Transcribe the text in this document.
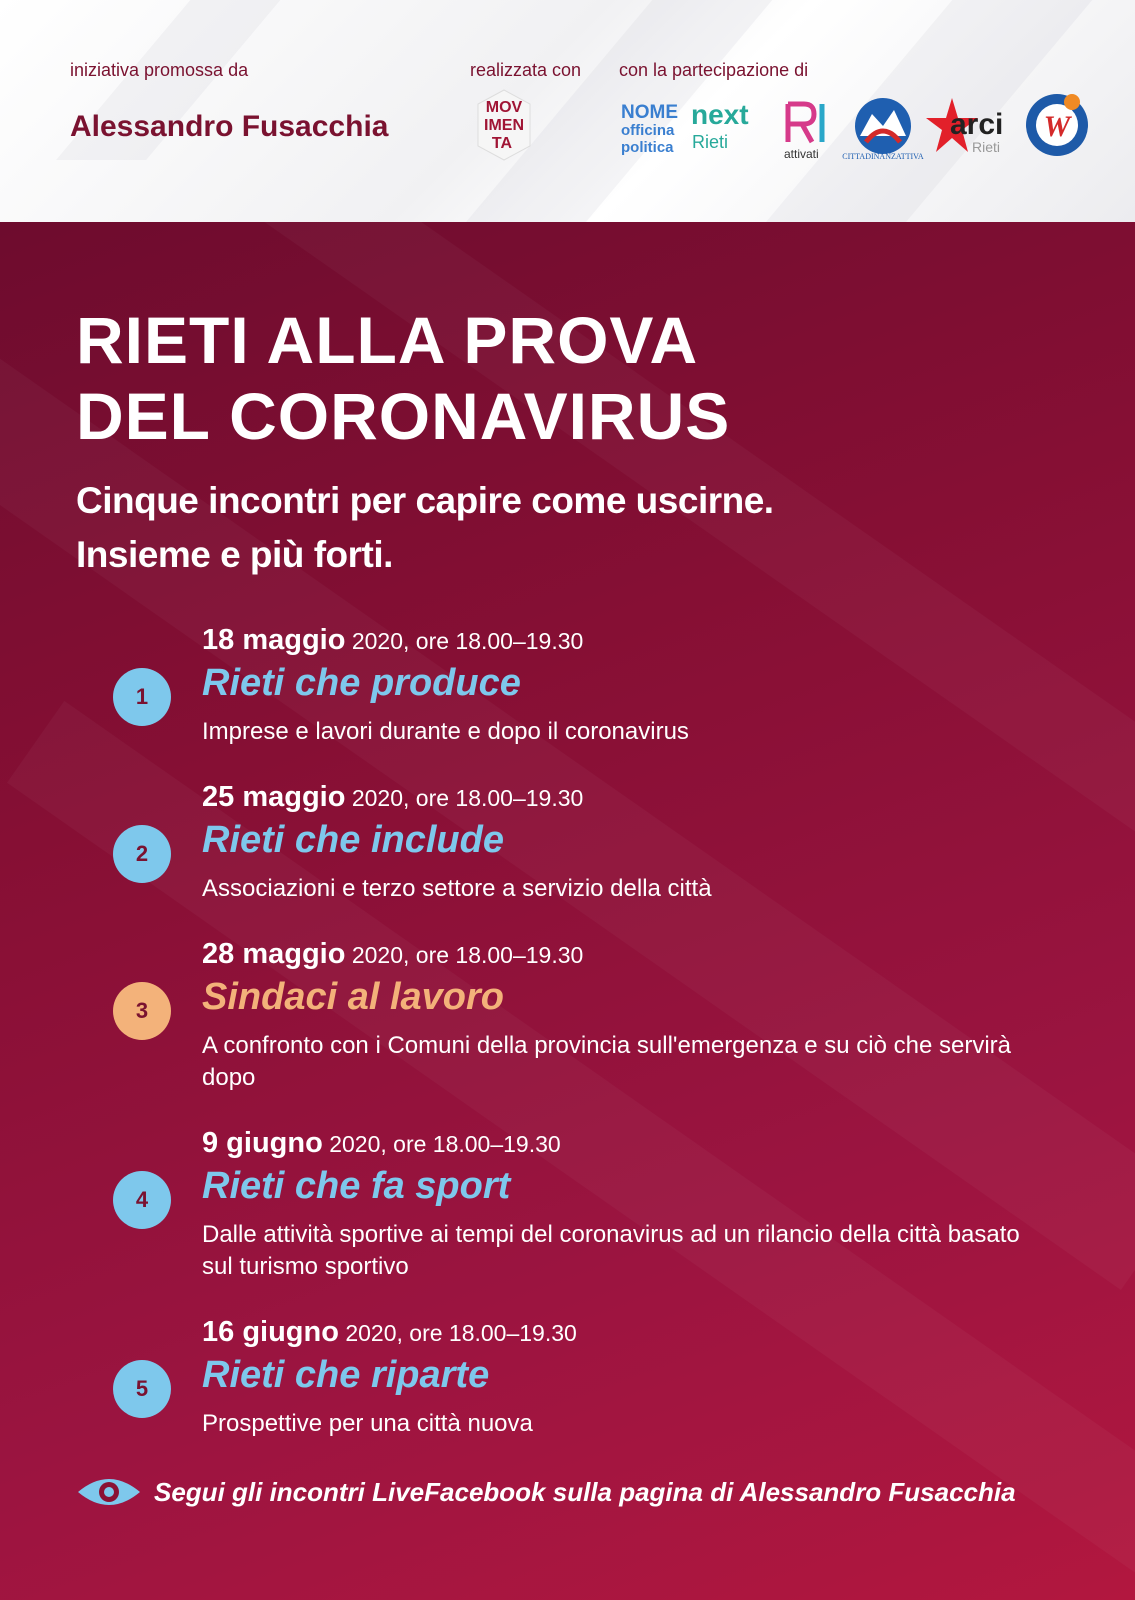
iniziativa promossa da
Alessandro Fusacchia
realizzata con con la partecipazione di
MOV
IMEN
TA
NOME
officina
politica
next
Rieti
attivati	CITTADINANZATTIVA
arci
Rieti
W
RIETI ALLA PROVA
DEL CORONAVIRUS
Cinque incontri per capire come uscirne.
Insieme e più forti.
18 maggio 2020, ore 18.00–19.30
1 Rieti che produce
Imprese e lavori durante e dopo il coronavirus
25 maggio 2020, ore 18.00–19.30
2 Rieti che include
Associazioni e terzo settore a servizio della città
28 maggio 2020, ore 18.00–19.30
3 Sindaci al lavoro
A confronto con i Comuni della provincia sull'emergenza e su ciò che servirà dopo
9 giugno 2020, ore 18.00–19.30
4 Rieti che fa sport
Dalle attività sportive ai tempi del coronavirus ad un rilancio della città basato sul turismo sportivo
16 giugno 2020, ore 18.00–19.30
5 Rieti che riparte
Prospettive per una città nuova
Segui gli incontri LiveFacebook sulla pagina di Alessandro Fusacchia
